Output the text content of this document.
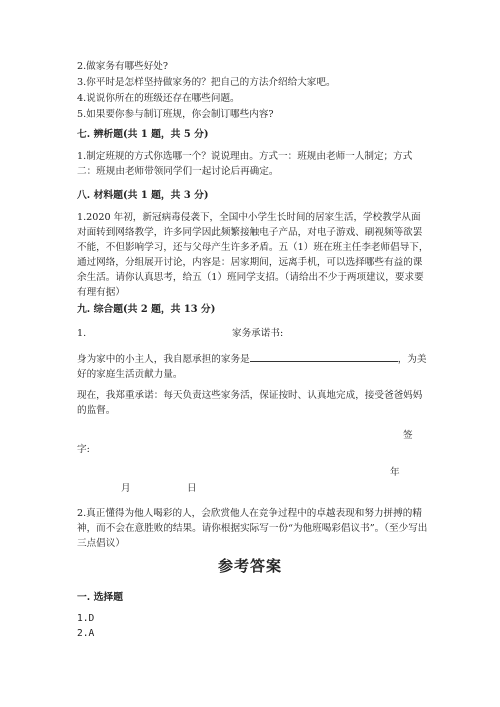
2.做家务有哪些好处?
3.你平时是怎样坚持做家务的？把自己的方法介绍给大家吧。
4.说说你所在的班级还存在哪些问题。
5.如果要你参与制订班规，你会制订哪些内容?
七. 辨析题(共 1 题，共 5 分)
1.制定班规的方式你选哪一个？说说理由。方式一：班规由老师一人制定；方式二：班规由老师带领同学们一起讨论后再确定。
八. 材料题(共 1 题，共 3 分)
1.2020 年初，新冠病毒侵袭下，全国中小学生长时间的居家生活，学校教学从面对面转到网络教学，许多同学因此频繁接触电子产品，对电子游戏、刷视频等欲罢不能，不但影响学习，还与父母产生许多矛盾。五（1）班在班主任李老师倡导下，通过网络，分组展开讨论，内容是：居家期间，远离手机，可以选择哪些有益的课余生活。请你认真思考，给五（1）班同学支招。（请给出不少于两项建议，要求要有理有据）
九. 综合题(共 2 题，共 13 分)
1.	家务承诺书:
身为家中的小主人，我自愿承担的家务是	，为美好的家庭生活贡献力量。
现在，我郑重承诺：每天负责这些家务活，保证按时、认真地完成，接受爸爸妈妈的监督。
签
字:
年
月	日
2.真正懂得为他人喝彩的人，会欣赏他人在竞争过程中的卓越表现和努力拼搏的精神，而不会在意胜败的结果。请你根据实际写一份“为他班喝彩倡议书”。（至少写出三点倡议）
参考答案
一. 选择题
1.D
2.A
